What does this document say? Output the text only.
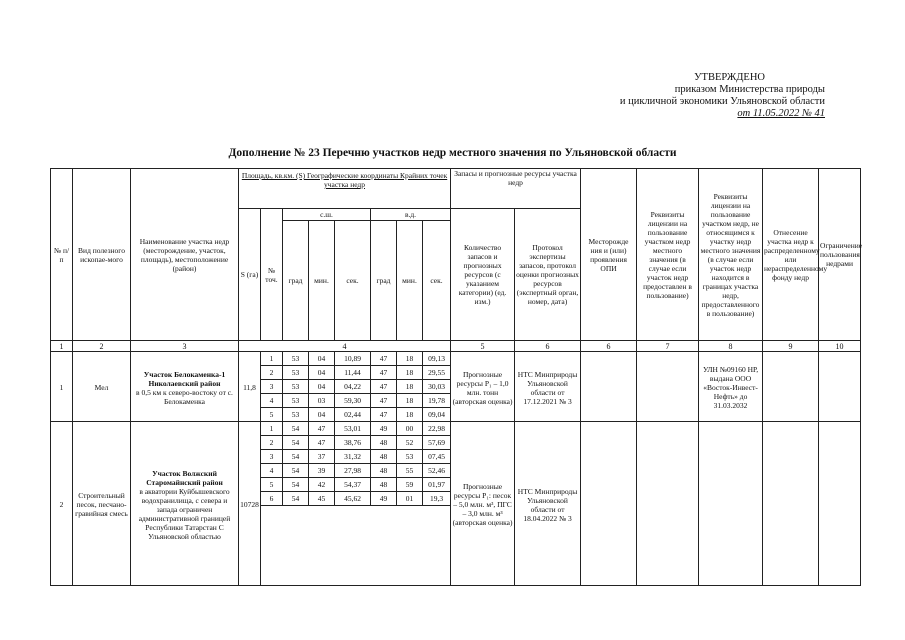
УТВЕРЖДЕНО
приказом Министерства природы
и цикличной экономики Ульяновской области
от 11.05.2022 № 41
Дополнение № 23 Перечню участков недр местного значения по Ульяновской области
№ п/п	Вид полезного ископае-мого	Наименование участка недр (месторождение, участок, площадь), местоположение (район)	Площадь, кв.км. (S) Географические координаты Крайних точек участка недр								Запасы и прогнозные ресурсы участка недр		Месторожде ния и (или) проявления ОПИ	Реквизиты лицензии на пользование участком недр местного значения (в случае если участок недр предоставлен в пользование)	Реквизиты лицензии на пользование участком недр, не относящимся к участку недр местного значения (в случае если участок недр находится в границах участка недр, предоставленного в пользование)	Отнесение участка недр к распределенному или нераспределенному фонду недр	Ограничение пользования недрами
			S (га)	№ точ.	с.ш.			в.д.			Количество запасов и прогнозных ресурсов (с указанием категории) (ед. изм.)	Протокол экспертизы запасов, протокол оценки прогнозных ресурсов (экспертный орган, номер, дата)					
					град	мин.	сек.	град	мин.	сек.							
1	2	3	4								5	6	6	7	8	9	10
1	Мел	Участок Белокаменка-1 Николаевский район
в 0,5 км к северо-востоку от с. Белокаменка	11,8	1	53	04	10,89	47	18	09,13	Прогнозные ресурсы P₁ – 1,0 млн. тонн (авторская оценка)	НТС Минприроды Ульяновской области от 17.12.2021 № 3			УЛН №09160 НР, выдана ООО «Восток-Инвест-Нефть» до 31.03.2032		
				2	53	04	11,44	47	18	29,55							
				3	53	04	04,22	47	18	30,03							
				4	53	03	59,30	47	18	19,78							
				5	53	04	02,44	47	18	09,04							
2	Строительный песок, песчано-гравийная смесь	Участок Волжский Старомайнский район
в акватории Куйбышевского водохранилища, с севера и запада ограничен административной границей Республики Татарстан С Ульяновской областью	10728	1	54	47	53,01	49	00	22,98	Прогнозные ресурсы P₁: песок – 5,0 млн. м³, ПГС – 3,0 млн. м³ (авторская оценка)	НТС Минприроды Ульяновской области от 18.04.2022 № 3					
				2	54	47	38,76	48	52	57,69							
				3	54	37	31,32	48	53	07,45							
				4	54	39	27,98	48	55	52,46							
				5	54	42	54,37	48	59	01,97							
				6	54	45	45,62	49	01	19,3							
